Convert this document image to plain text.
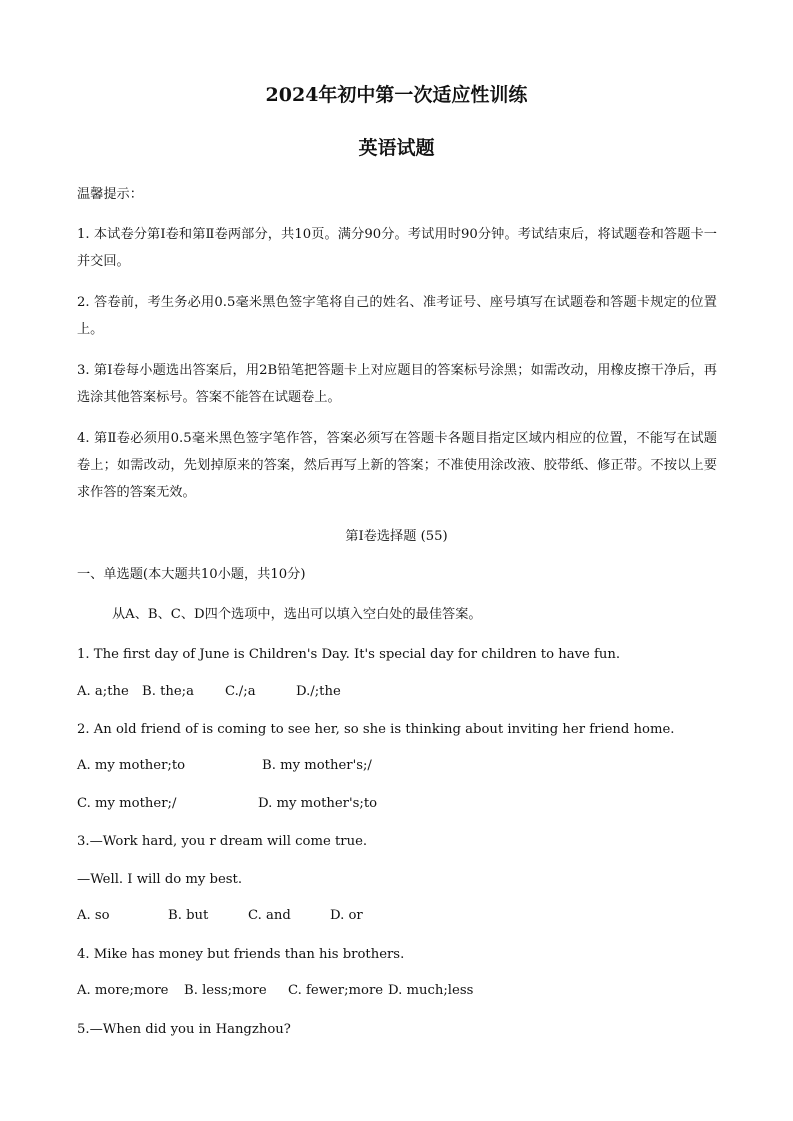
2024年初中第一次适应性训练
英语试题
温馨提示：
1. 本试卷分第Ⅰ卷和第Ⅱ卷两部分，共10页。满分90分。考试用时90分钟。考试结束后，将试题卷和答题卡一并交回。
2. 答卷前，考生务必用0.5毫米黑色签字笔将自己的姓名、准考证号、座号填写在试题卷和答题卡规定的位置上。
3. 第Ⅰ卷每小题选出答案后，用2B铅笔把答题卡上对应题目的答案标号涂黑；如需改动，用橡皮擦干净后，再选涂其他答案标号。答案不能答在试题卷上。
4. 第Ⅱ卷必须用0.5毫米黑色签字笔作答，答案必须写在答题卡各题目指定区域内相应的位置，不能写在试题卷上；如需改动，先划掉原来的答案，然后再写上新的答案；不准使用涂改液、胶带纸、修正带。不按以上要求作答的答案无效。
第Ⅰ卷选择题 (55)
一、单选题(本大题共10小题，共10分)
从A、B、C、D四个选项中，选出可以填入空白处的最佳答案。
1. The first day of June is Children's Day. It's special day for children to have fun.
A. a;the B. the;a C./;a	D./;the
2. An old friend of is coming to see her, so she is thinking about inviting her friend home.
A. my mother;to	B. my mother's;/
C. my mother;/	D. my mother's;to
3.—Work hard, you r dream will come true.
—Well. I will do my best.
A. so	B. but	C. and	D. or
4. Mike has money but friends than his brothers.
A. more;more B. less;more C. fewer;more D. much;less
5.—When did you in Hangzhou?
